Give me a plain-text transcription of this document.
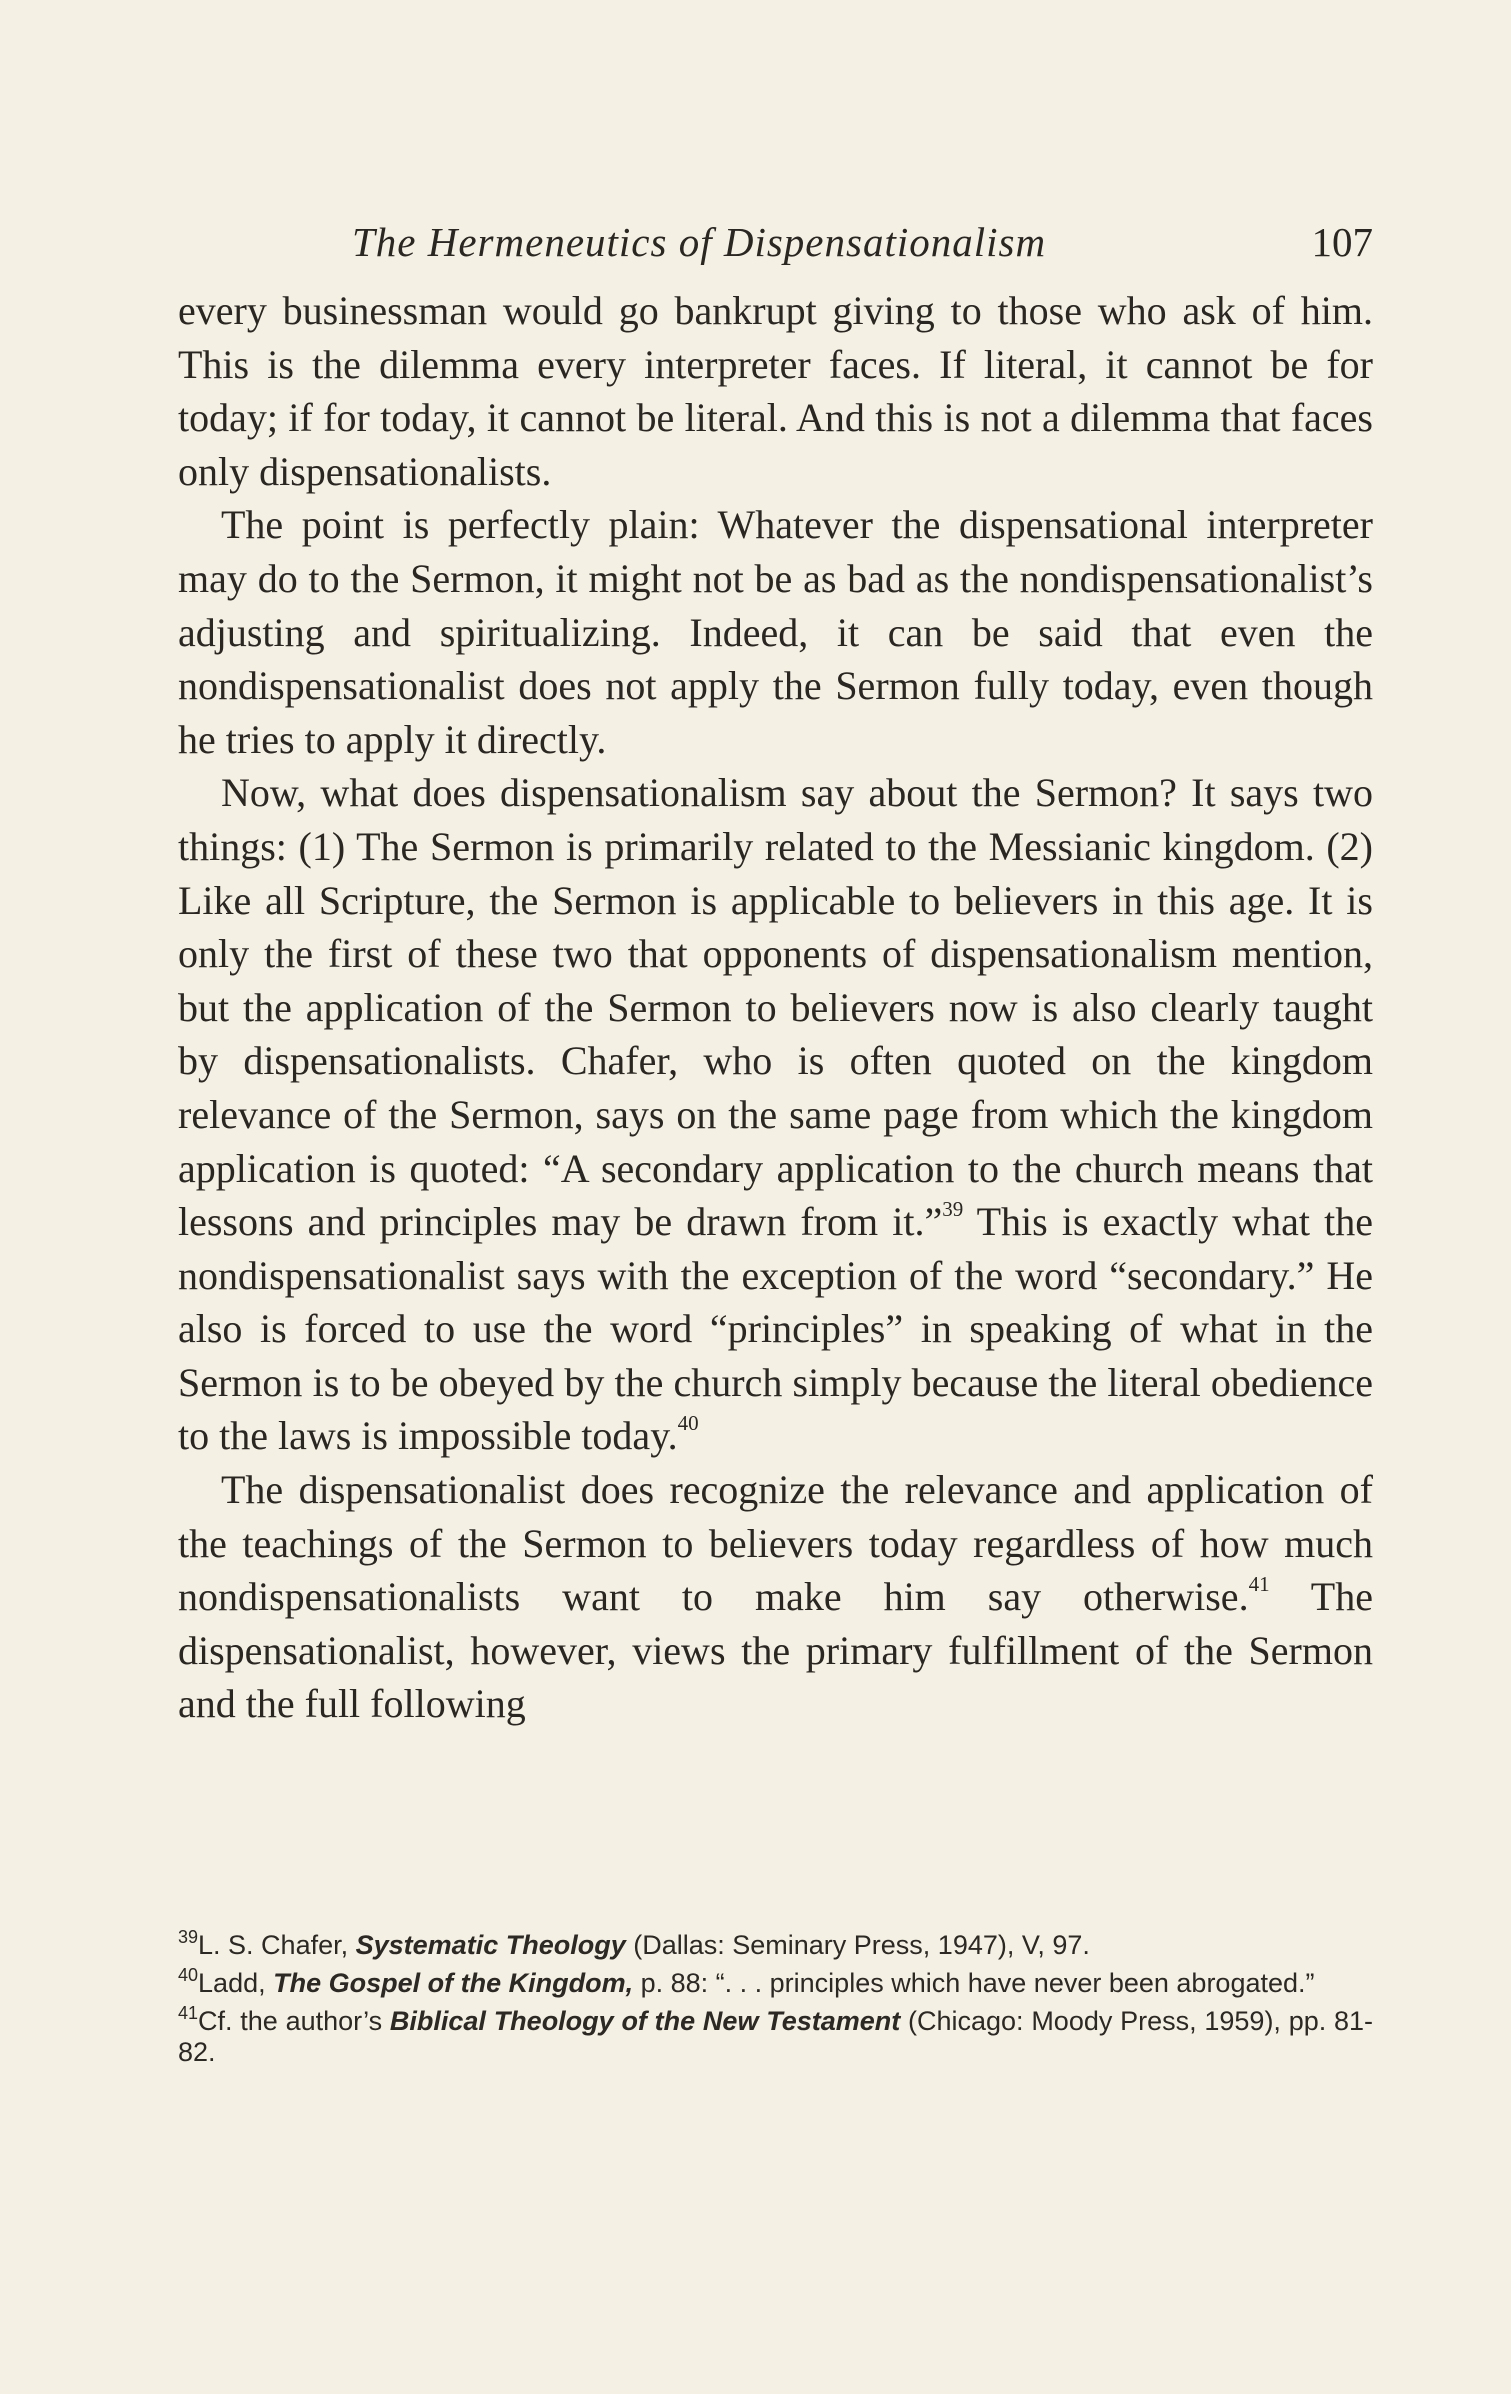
The Hermeneutics of Dispensationalism	107

every businessman would go bankrupt giving to those who ask of him. This is the dilemma every interpreter faces. If literal, it cannot be for today; if for today, it cannot be literal. And this is not a dilemma that faces only dispensationalists.

The point is perfectly plain: Whatever the dispensational interpreter may do to the Sermon, it might not be as bad as the nondispensationalist’s adjusting and spiritualizing. Indeed, it can be said that even the nondispensationalist does not apply the Sermon fully today, even though he tries to apply it directly.

Now, what does dispensationalism say about the Sermon? It says two things: (1) The Sermon is primarily related to the Messianic kingdom. (2) Like all Scripture, the Sermon is applicable to believers in this age. It is only the first of these two that opponents of dispensationalism mention, but the application of the Sermon to believers now is also clearly taught by dispensationalists. Chafer, who is often quoted on the kingdom relevance of the Sermon, says on the same page from which the kingdom application is quoted: “A secondary application to the church means that lessons and principles may be drawn from it.”$^{39}$ This is exactly what the nondispensationalist says with the exception of the word “secondary.” He also is forced to use the word “principles” in speaking of what in the Sermon is to be obeyed by the church simply because the literal obedience to the laws is impossible today.$^{40}$

The dispensationalist does recognize the relevance and application of the teachings of the Sermon to believers today regardless of how much nondispensationalists want to make him say otherwise.$^{41}$ The dispensationalist, however, views the primary fulfillment of the Sermon and the full following

$^{39}$L. S. Chafer, Systematic Theology (Dallas: Seminary Press, 1947), V, 97.

$^{40}$Ladd, The Gospel of the Kingdom, p. 88: “. . . principles which have never been abrogated.”

$^{41}$Cf. the author’s Biblical Theology of the New Testament (Chicago: Moody Press, 1959), pp. 81-82.
